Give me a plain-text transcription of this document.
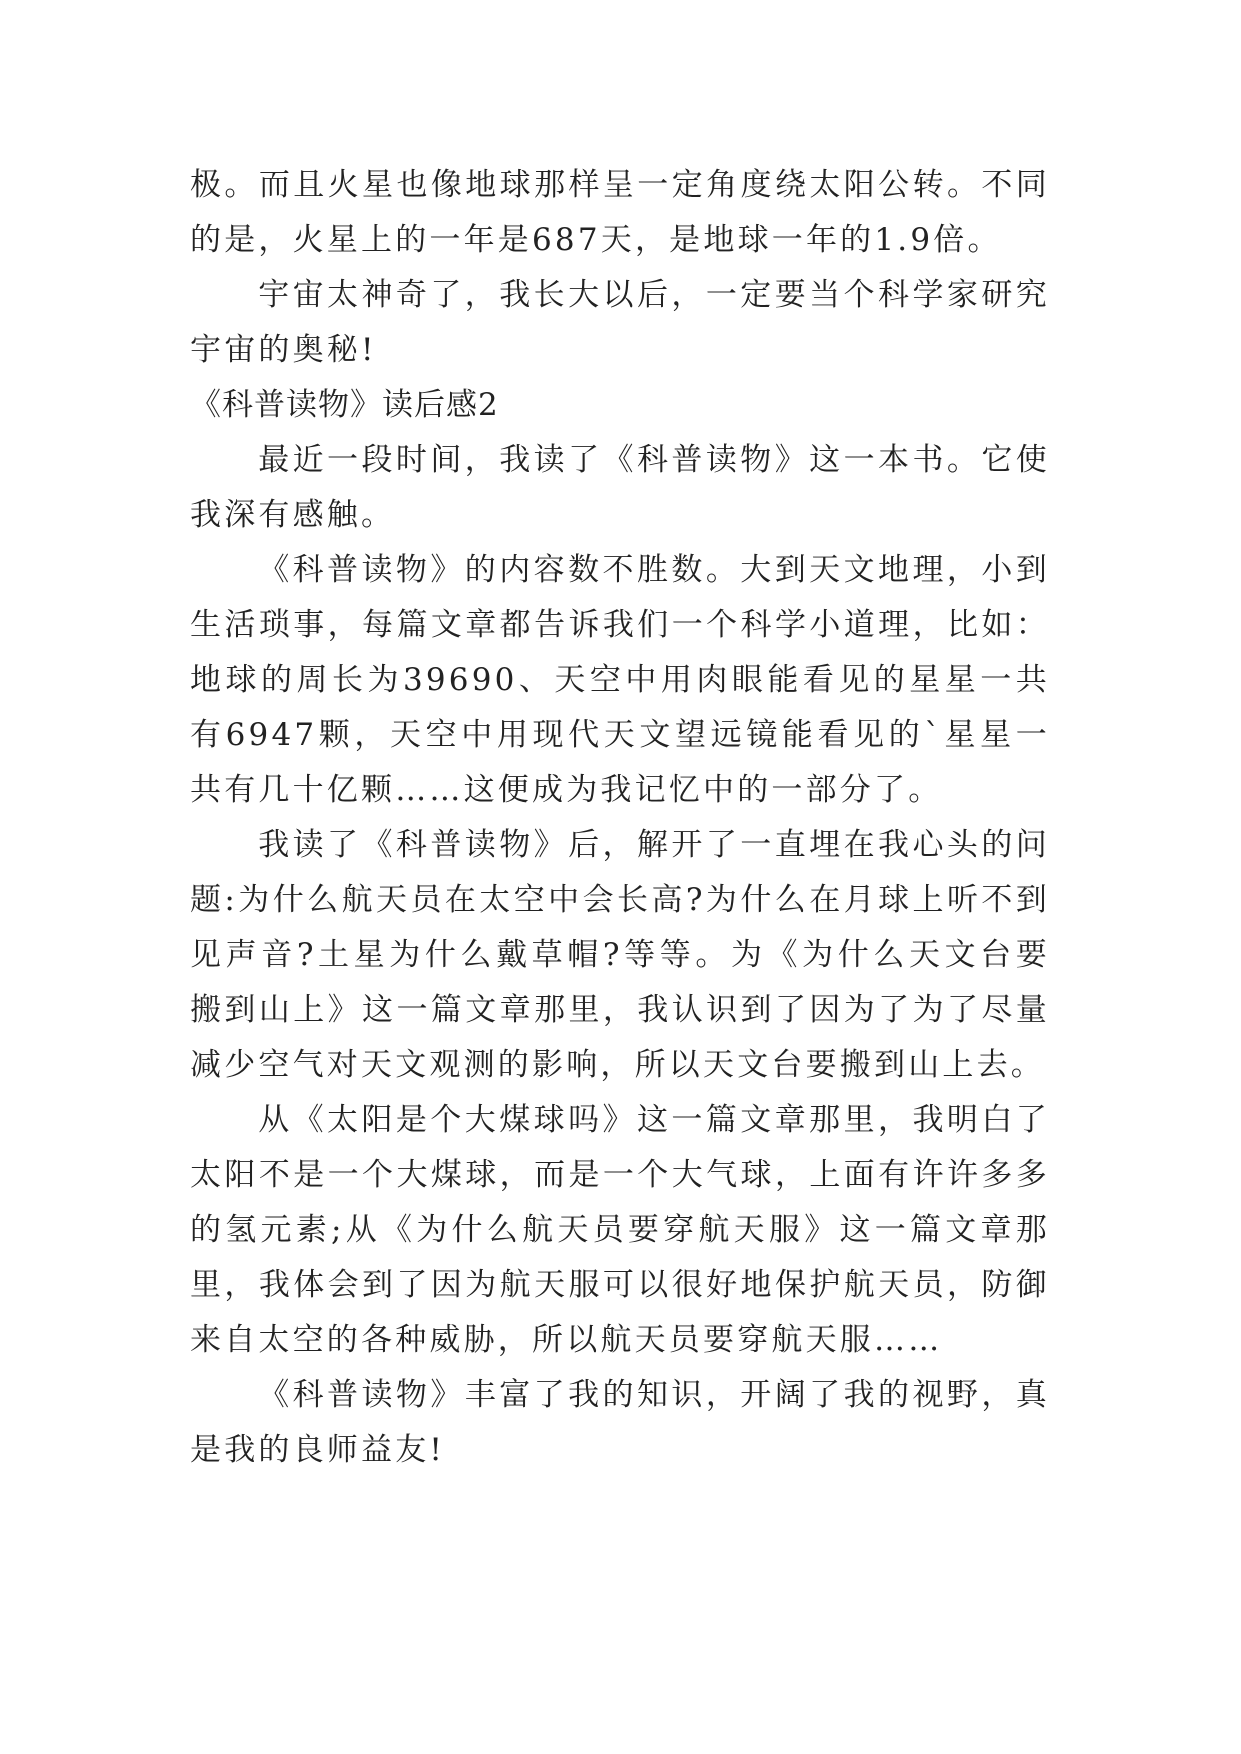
极。而且火星也像地球那样呈一定角度绕太阳公转。不同的是，火星上的一年是687天，是地球一年的1.9倍。

宇宙太神奇了，我长大以后，一定要当个科学家研究宇宙的奥秘!

《科普读物》读后感2

最近一段时间，我读了《科普读物》这一本书。它使我深有感触。

《科普读物》的内容数不胜数。大到天文地理，小到生活琐事，每篇文章都告诉我们一个科学小道理，比如：地球的周长为39690、天空中用肉眼能看见的星星一共有6947颗，天空中用现代天文望远镜能看见的`星星一共有几十亿颗……这便成为我记忆中的一部分了。

我读了《科普读物》后，解开了一直埋在我心头的问题:为什么航天员在太空中会长高?为什么在月球上听不到见声音?土星为什么戴草帽?等等。为《为什么天文台要搬到山上》这一篇文章那里，我认识到了因为了为了尽量减少空气对天文观测的影响，所以天文台要搬到山上去。

从《太阳是个大煤球吗》这一篇文章那里，我明白了太阳不是一个大煤球，而是一个大气球，上面有许许多多的氢元素;从《为什么航天员要穿航天服》这一篇文章那里，我体会到了因为航天服可以很好地保护航天员，防御来自太空的各种威胁，所以航天员要穿航天服……

《科普读物》丰富了我的知识，开阔了我的视野，真是我的良师益友!
